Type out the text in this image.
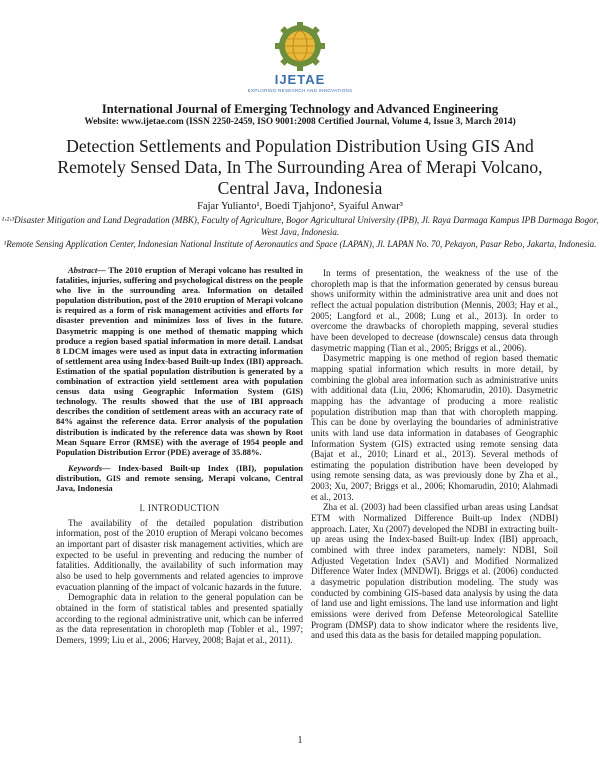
IJETAE
EXPLORING RESEARCH AND INNOVATIONS
International Journal of Emerging Technology and Advanced Engineering
Website: www.ijetae.com (ISSN 2250-2459, ISO 9001:2008 Certified Journal, Volume 4, Issue 3, March 2014)
Detection Settlements and Population Distribution Using GIS And Remotely Sensed Data, In The Surrounding Area of Merapi Volcano, Central Java, Indonesia
Fajar Yulianto¹, Boedi Tjahjono², Syaiful Anwar³
¹·²·³Disaster Mitigation and Land Degradation (MBK), Faculty of Agriculture, Bogor Agricultural University (IPB), Jl. Raya Darmaga Kampus IPB Darmaga Bogor, West Java, Indonesia.
¹Remote Sensing Application Center, Indonesian National Institute of Aeronautics and Space (LAPAN), Jl. LAPAN No. 70, Pekayon, Pasar Rebo, Jakarta, Indonesia.

Abstract— The 2010 eruption of Merapi volcano has resulted in fatalities, injuries, suffering and psychological distress on the people who live in the surrounding area. Information on detailed population distribution, post of the 2010 eruption of Merapi volcano is required as a form of risk management activities and efforts for disaster prevention and minimizes loss of lives in the future. Dasymetric mapping is one method of thematic mapping which produce a region based spatial information in more detail. Landsat 8 LDCM images were used as input data in extracting information of settlement area using Index-based Built-up Index (IBI) approach. Estimation of the spatial population distribution is generated by a combination of extraction yield settlement area with population census data using Geographic Information System (GIS) technology. The results showed that the use of IBI approach describes the condition of settlement areas with an accuracy rate of 84% against the reference data. Error analysis of the population distribution is indicated by the reference data was shown by Root Mean Square Error (RMSE) with the average of 1954 people and Population Distribution Error (PDE) average of 35.88%.

Keywords— Index-based Built-up Index (IBI), population distribution, GIS and remote sensing, Merapi volcano, Central Java, Indonesia

I. INTRODUCTION

The availability of the detailed population distribution information, post of the 2010 eruption of Merapi volcano becomes an important part of disaster risk management activities, which are expected to be useful in preventing and reducing the number of fatalities. Additionally, the availability of such information may also be used to help governments and related agencies to improve evacuation planning of the impact of volcanic hazards in the future.

Demographic data in relation to the general population can be obtained in the form of statistical tables and presented spatially according to the regional administrative unit, which can be inferred as the data representation in choropleth map (Tobler et al., 1997; Demers, 1999; Liu et al., 2006; Harvey, 2008; Bajat et al., 2011).

In terms of presentation, the weakness of the use of the choropleth map is that the information generated by census bureau shows uniformity within the administrative area unit and does not reflect the actual population distribution (Mennis, 2003; Hay et al., 2005; Langford et al., 2008; Lung et al., 2013). In order to overcome the drawbacks of choropleth mapping, several studies have been developed to decrease (downscale) census data through dasymetric mapping (Tian et al., 2005; Briggs et al., 2006).

Dasymetric mapping is one method of region based thematic mapping spatial information which results in more detail, by combining the global area information such as administrative units with additional data (Liu, 2006; Khomarudin, 2010). Dasymetric mapping has the advantage of producing a more realistic population distribution map than that with choropleth mapping. This can be done by overlaying the boundaries of administrative units with land use data information in databases of Geographic Information System (GIS) extracted using remote sensing data (Bajat et al., 2010; Linard et al., 2013). Several methods of estimating the population distribution have been developed by using remote sensing data, as was previously done by Zha et al., 2003; Xu, 2007; Briggs et al., 2006; Khomarudin, 2010; Alahmadi et al., 2013.

Zha et al. (2003) had been classified urban areas using Landsat ETM with Normalized Difference Built-up Index (NDBI) approach. Later, Xu (2007) developed the NDBI in extracting built-up areas using the Index-based Built-up Index (IBI) approach, combined with three index parameters, namely: NDBI, Soil Adjusted Vegetation Index (SAVI) and Modified Normalized Difference Water Index (MNDWI). Briggs et al. (2006) conducted a dasymetric population distribution modeling. The study was conducted by combining GIS-based data analysis by using the data of land use and light emissions. The land use information and light emissions were derived from Defense Meteorological Satellite Program (DMSP) data to show indicator where the residents live, and used this data as the basis for detailed mapping population.

1
